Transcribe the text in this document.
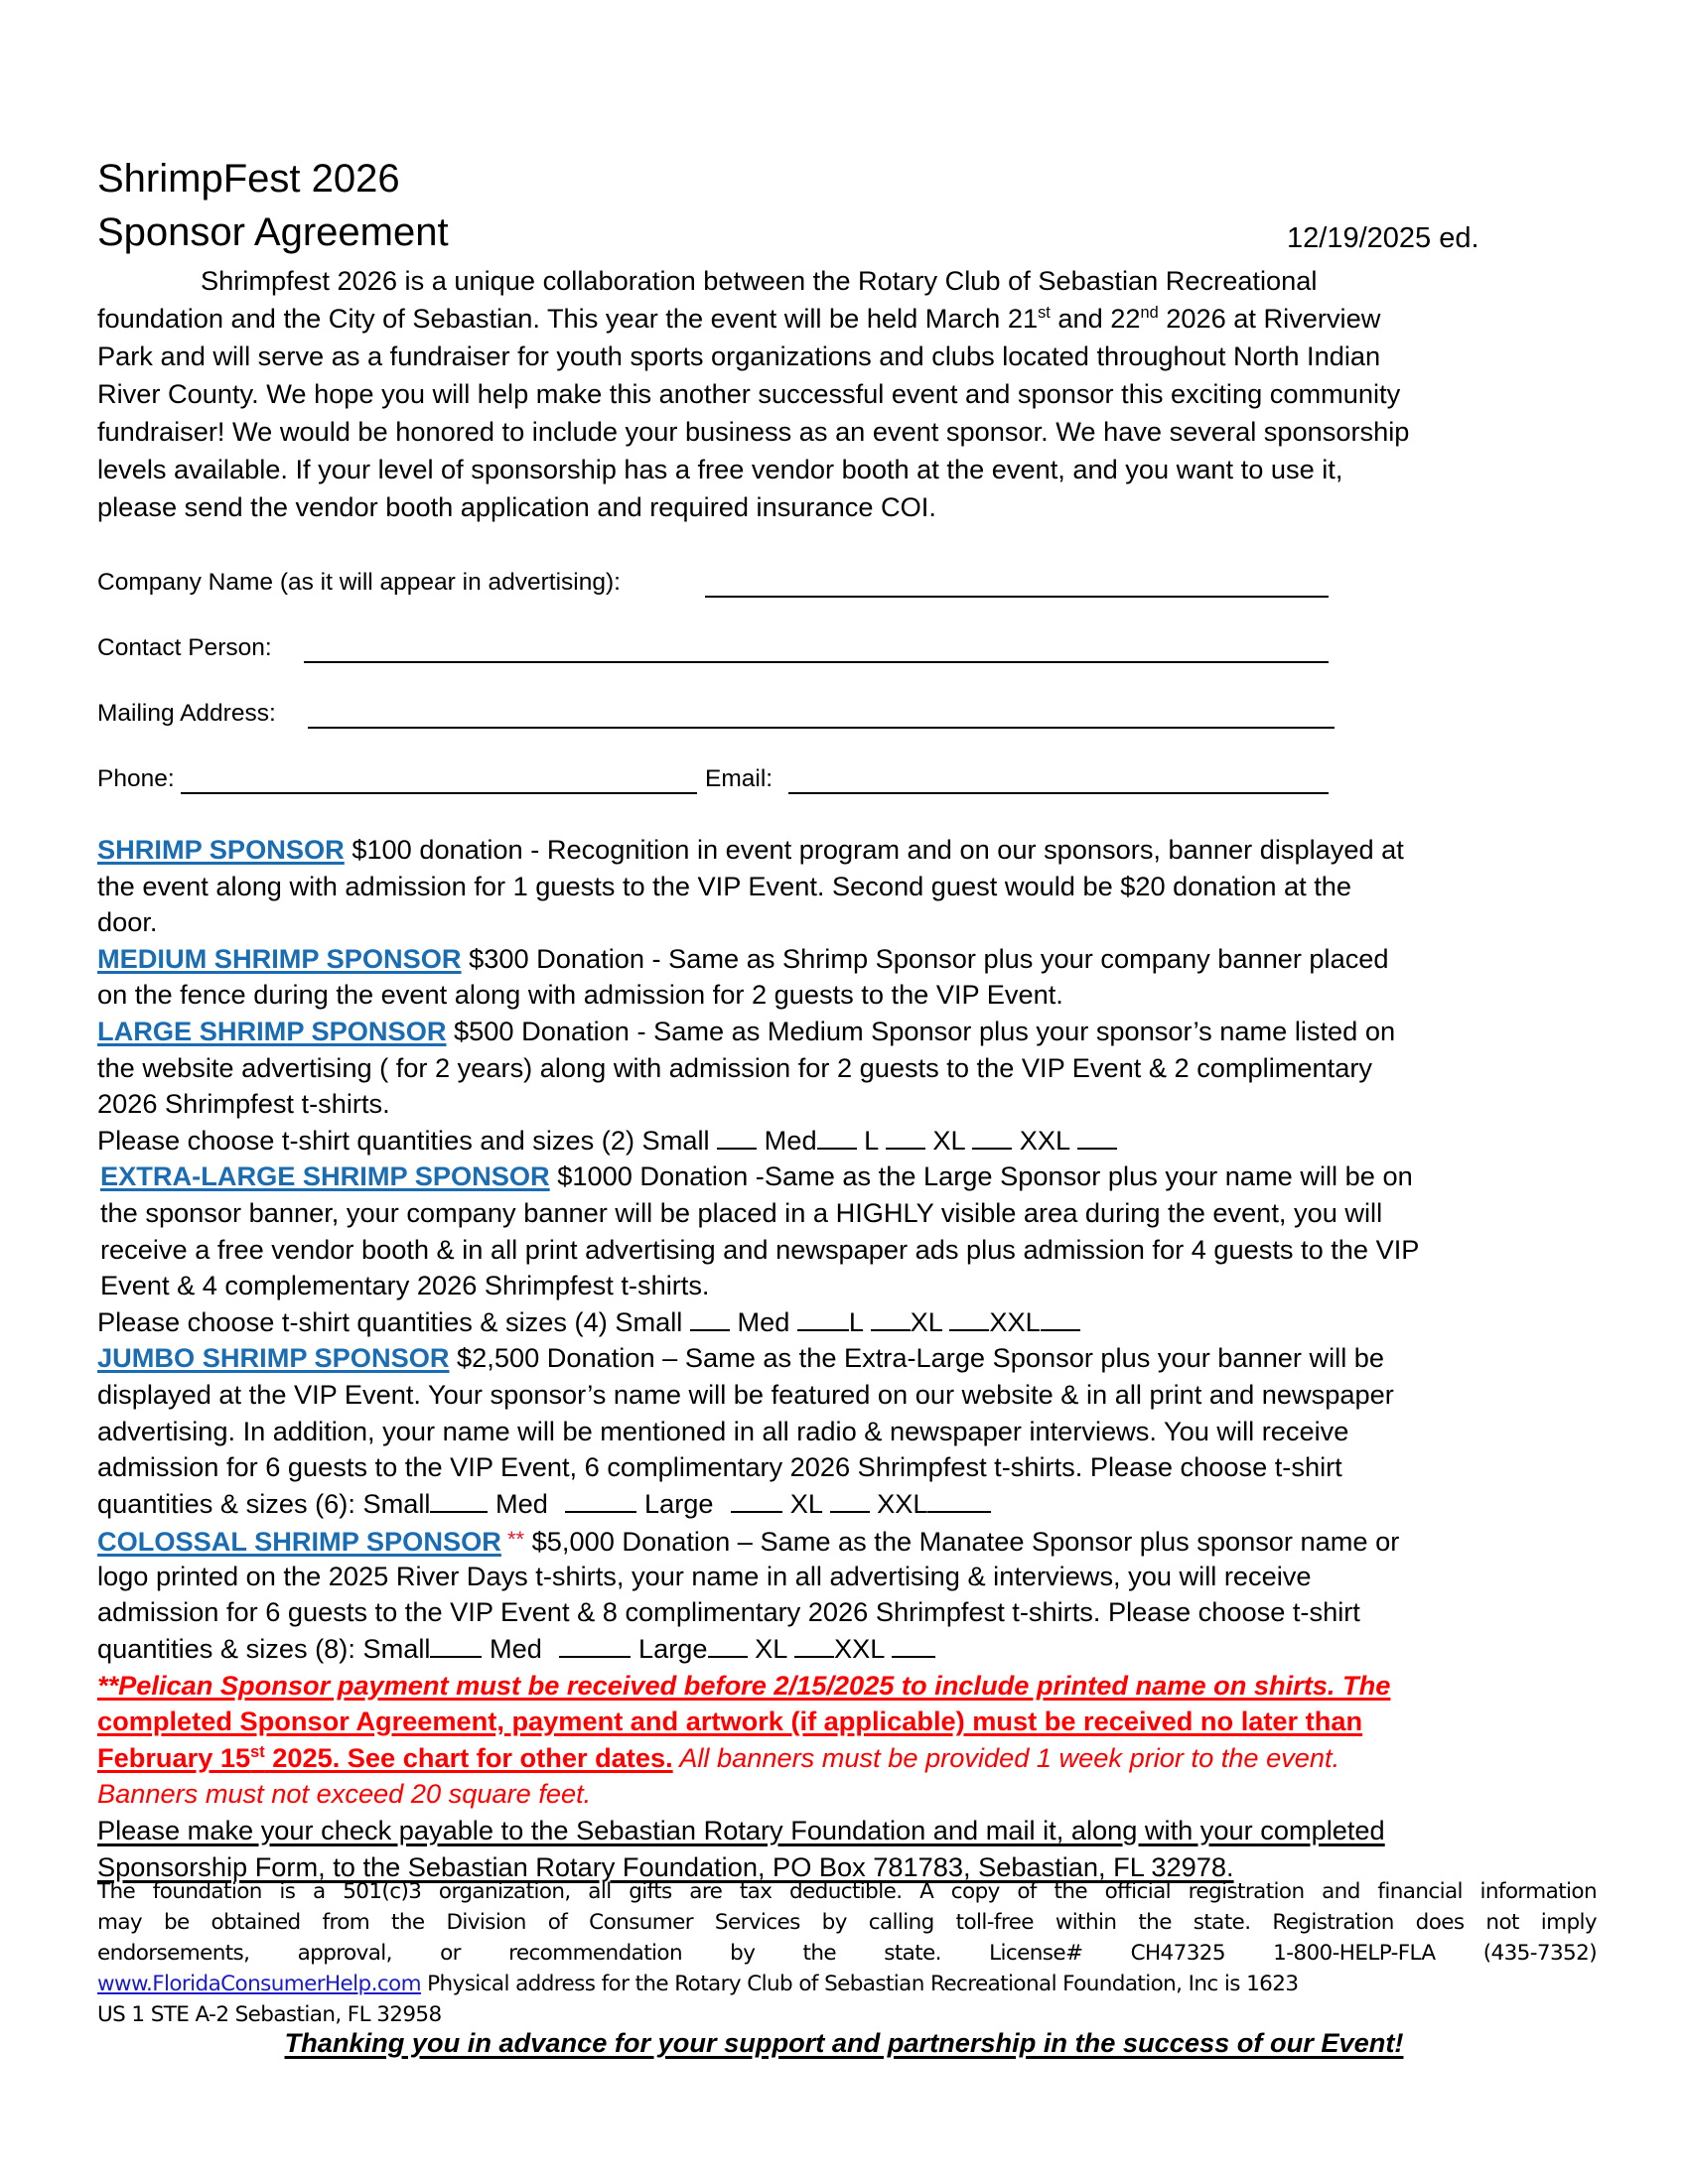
ShrimpFest 2026
Sponsor Agreement	12/19/2025 ed.
Shrimpfest 2026 is a unique collaboration between the Rotary Club of Sebastian Recreational
foundation and the City of Sebastian. This year the event will be held March 21st and 22nd 2026 at Riverview
Park and will serve as a fundraiser for youth sports organizations and clubs located throughout North Indian
River County. We hope you will help make this another successful event and sponsor this exciting community
fundraiser! We would be honored to include your business as an event sponsor. We have several sponsorship
levels available. If your level of sponsorship has a free vendor booth at the event, and you want to use it,
please send the vendor booth application and required insurance COI.
Company Name (as it will appear in advertising):
Contact Person:
Mailing Address:
Phone:	Email:
SHRIMP SPONSOR $100 donation - Recognition in event program and on our sponsors, banner displayed at
the event along with admission for 1 guests to the VIP Event. Second guest would be $20 donation at the
door.
MEDIUM SHRIMP SPONSOR $300 Donation - Same as Shrimp Sponsor plus your company banner placed
on the fence during the event along with admission for 2 guests to the VIP Event.
LARGE SHRIMP SPONSOR $500 Donation - Same as Medium Sponsor plus your sponsor’s name listed on
the website advertising ( for 2 years) along with admission for 2 guests to the VIP Event & 2 complimentary
2026 Shrimpfest t-shirts.
Please choose t-shirt quantities and sizes (2) Small Med L XL XXL
EXTRA-LARGE SHRIMP SPONSOR $1000 Donation -Same as the Large Sponsor plus your name will be on
the sponsor banner, your company banner will be placed in a HIGHLY visible area during the event, you will
receive a free vendor booth & in all print advertising and newspaper ads plus admission for 4 guests to the VIP
Event & 4 complementary 2026 Shrimpfest t-shirts.
Please choose t-shirt quantities & sizes (4) Small Med L XL XXL
JUMBO SHRIMP SPONSOR $2,500 Donation – Same as the Extra-Large Sponsor plus your banner will be
displayed at the VIP Event. Your sponsor’s name will be featured on our website & in all print and newspaper
advertising. In addition, your name will be mentioned in all radio & newspaper interviews. You will receive
admission for 6 guests to the VIP Event, 6 complimentary 2026 Shrimpfest t-shirts. Please choose t-shirt
quantities & sizes (6): Small Med	Large	XL XXL
COLOSSAL SHRIMP SPONSOR ** $5,000 Donation – Same as the Manatee Sponsor plus sponsor name or
logo printed on the 2025 River Days t-shirts, your name in all advertising & interviews, you will receive
admission for 6 guests to the VIP Event & 8 complimentary 2026 Shrimpfest t-shirts. Please choose t-shirt
quantities & sizes (8): Small Med	Large XL XXL
**Pelican Sponsor payment must be received before 2/15/2025 to include printed name on shirts. The
completed Sponsor Agreement, payment and artwork (if applicable) must be received no later than
February 15st 2025. See chart for other dates. All banners must be provided 1 week prior to the event.
Banners must not exceed 20 square feet.
Please make your check payable to the Sebastian Rotary Foundation and mail it, along with your completed
Sponsorship Form, to the Sebastian Rotary Foundation, PO Box 781783, Sebastian, FL 32978.
The foundation is a 501(c)3 organization, all gifts are tax deductible. A copy of the official registration and financial information
may be obtained from the Division of Consumer Services by calling toll-free within the state. Registration does not imply
endorsements, approval, or recommendation by the state. License# CH47325 1-800-HELP-FLA (435-7352)
www.FloridaConsumerHelp.com Physical address for the Rotary Club of Sebastian Recreational Foundation, Inc is 1623
US 1 STE A-2 Sebastian, FL 32958
Thanking you in advance for your support and partnership in the success of our Event!
